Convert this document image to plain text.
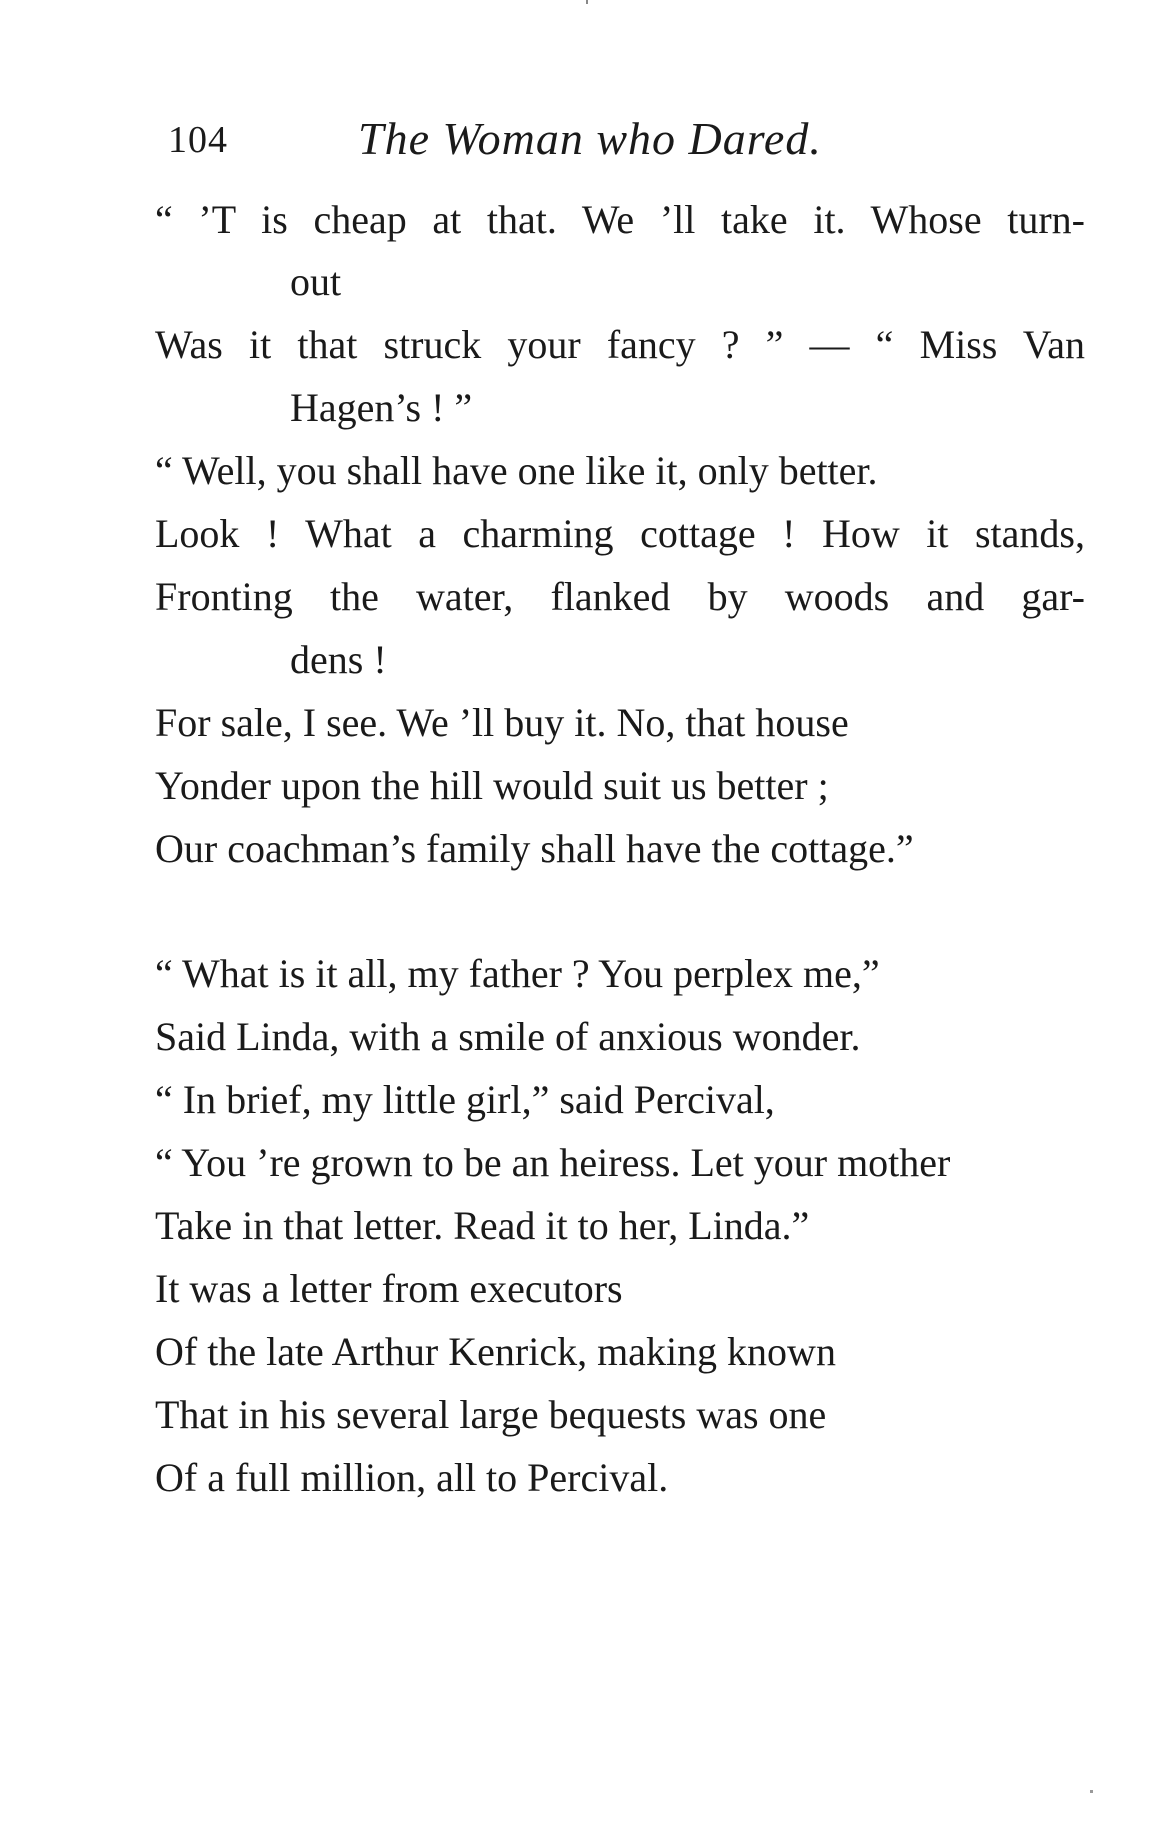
104	The Woman who Dared.
“ ’T is cheap at that. We ’ll take it. Whose turn-
out
Was it that struck your fancy ? ” — “ Miss Van
Hagen’s ! ”
“ Well, you shall have one like it, only better.
Look ! What a charming cottage ! How it stands,
Fronting the water, flanked by woods and gar-
dens !
For sale, I see. We ’ll buy it. No, that house
Yonder upon the hill would suit us better ;
Our coachman’s family shall have the cottage.”
“ What is it all, my father ? You perplex me,”
Said Linda, with a smile of anxious wonder.
“ In brief, my little girl,” said Percival,
“ You ’re grown to be an heiress. Let your mother
Take in that letter. Read it to her, Linda.”
It was a letter from executors
Of the late Arthur Kenrick, making known
That in his several large bequests was one
Of a full million, all to Percival.
